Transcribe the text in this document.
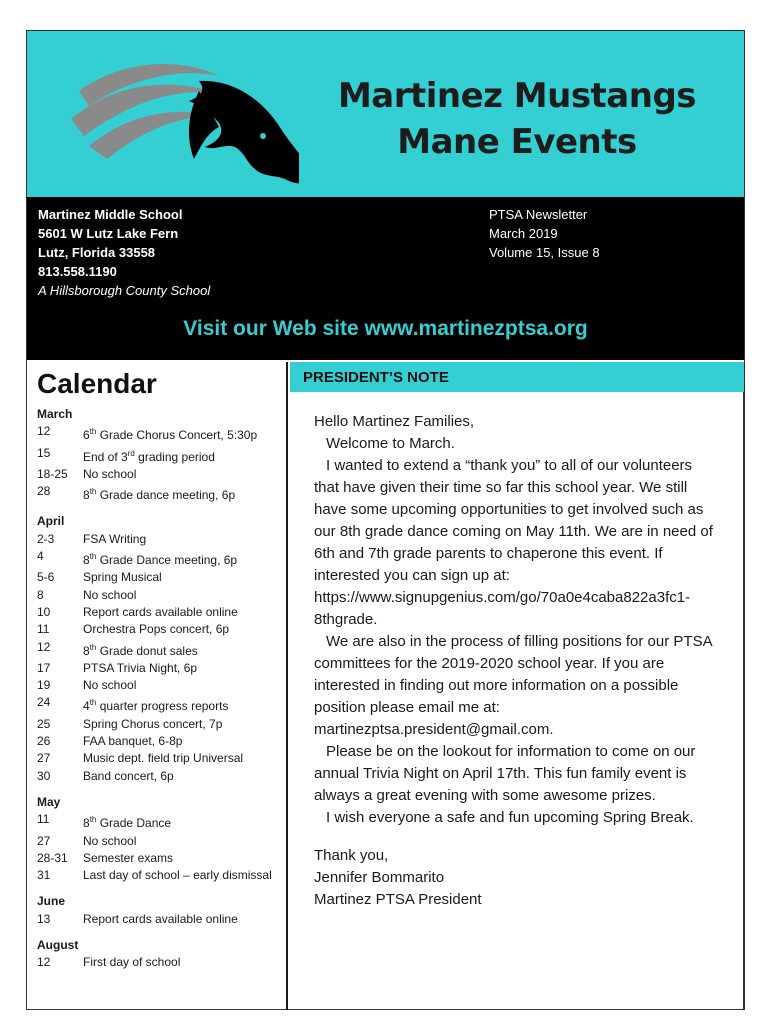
Martinez Mustangs
Mane Events
Martinez Middle School
5601 W Lutz Lake Fern
Lutz, Florida 33558
813.558.1190
A Hillsborough County School
PTSA Newsletter
March 2019
Volume 15, Issue 8
Visit our Web site www.martinezptsa.org
Calendar
March
12	6th Grade Chorus Concert, 5:30p
15	End of 3rd grading period
18-25	No school
28	8th Grade dance meeting, 6p
April
2-3	FSA Writing
4	8th Grade Dance meeting, 6p
5-6	Spring Musical
8	No school
10	Report cards available online
11	Orchestra Pops concert, 6p
12	8th Grade donut sales
17	PTSA Trivia Night, 6p
19	No school
24	4th quarter progress reports
25	Spring Chorus concert, 7p
26	FAA banquet, 6-8p
27	Music dept. field trip Universal
30	Band concert, 6p
May
11	8th Grade Dance
27	No school
28-31	Semester exams
31	Last day of school – early dismissal
June
13	Report cards available online
August
12	First day of school
PRESIDENT’S NOTE

Hello Martinez Families,

Welcome to March.

I wanted to extend a “thank you” to all of our volunteers that have given their time so far this school year. We still have some upcoming opportunities to get involved such as our 8th grade dance coming on May 11th. We are in need of 6th and 7th grade parents to chaperone this event. If interested you can sign up at: https://www.signupgenius.com/go/70a0e4caba822a3fc1-8thgrade.

We are also in the process of filling positions for our PTSA committees for the 2019-2020 school year. If you are interested in finding out more information on a possible position please email me at: martinezptsa.president@gmail.com.

Please be on the lookout for information to come on our annual Trivia Night on April 17th. This fun family event is always a great evening with some awesome prizes.

I wish everyone a safe and fun upcoming Spring Break.

Thank you,

Jennifer Bommarito

Martinez PTSA President
